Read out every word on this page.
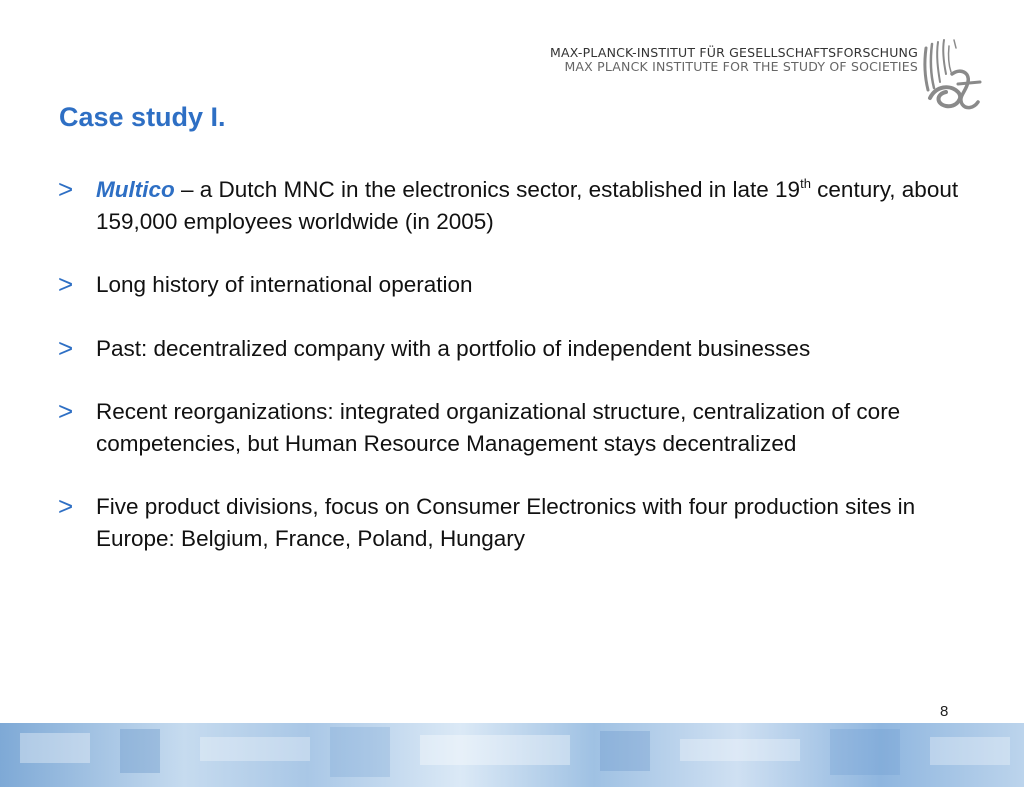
MAX-PLANCK-INSTITUT FÜR GESELLSCHAFTSFORSCHUNG
MAX PLANCK INSTITUTE FOR THE STUDY OF SOCIETIES
Case study I.
> Multico – a Dutch MNC in the electronics sector, established in late 19th century, about 159,000 employees worldwide (in 2005)
> Long history of international operation
> Past: decentralized company with a portfolio of independent businesses
> Recent reorganizations: integrated organizational structure, centralization of core competencies, but Human Resource Management stays decentralized
> Five product divisions, focus on Consumer Electronics with four production sites in Europe: Belgium, France, Poland, Hungary
8
